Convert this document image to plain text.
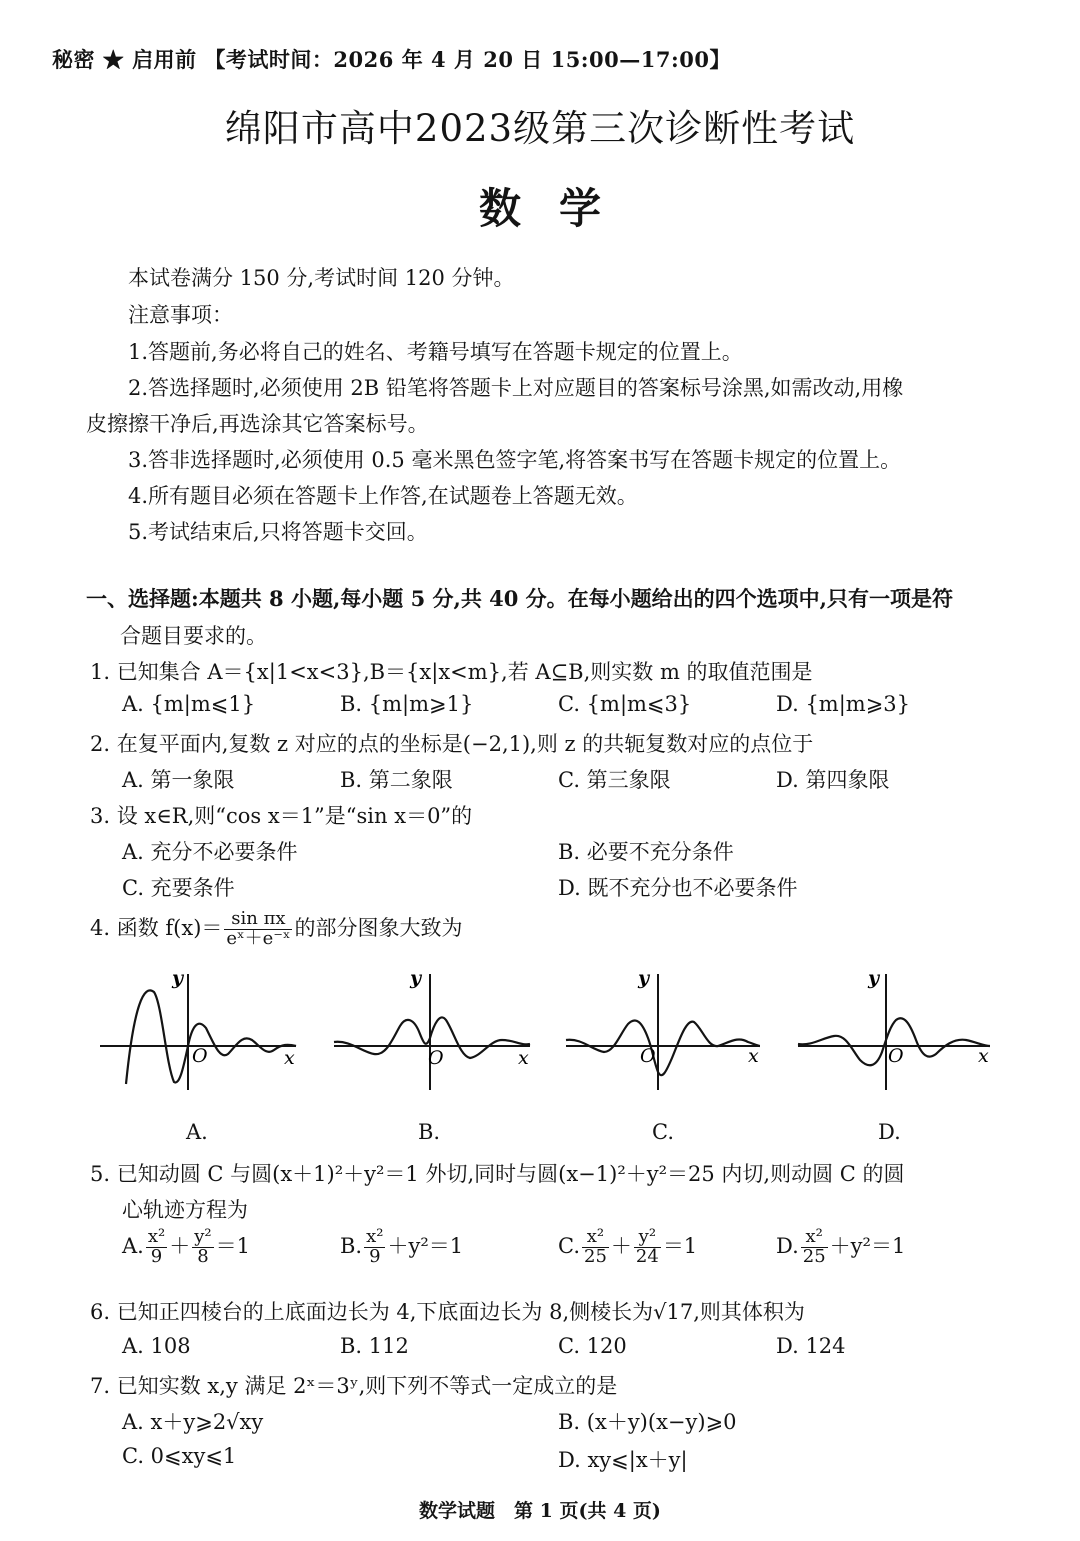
秘密 ★ 启用前 【考试时间：2026 年 4 月 20 日 15:00—17:00】
绵阳市高中2023级第三次诊断性考试
数学
本试卷满分 150 分,考试时间 120 分钟。
注意事项：
1.答题前,务必将自己的姓名、考籍号填写在答题卡规定的位置上。
2.答选择题时,必须使用 2B 铅笔将答题卡上对应题目的答案标号涂黑,如需改动,用橡
皮擦擦干净后,再选涂其它答案标号。
3.答非选择题时,必须使用 0.5 毫米黑色签字笔,将答案书写在答题卡规定的位置上。
4.所有题目必须在答题卡上作答,在试题卷上答题无效。
5.考试结束后,只将答题卡交回。
一、选择题:本题共 8 小题,每小题 5 分,共 40 分。在每小题给出的四个选项中,只有一项是符
合题目要求的。
1. 已知集合 A＝{x|1<x<3},B＝{x|x<m},若 A⊆B,则实数 m 的取值范围是
A. {m|m⩽1}	B. {m|m⩾1}	C. {m|m⩽3}	D. {m|m⩾3}
2. 在复平面内,复数 z 对应的点的坐标是(−2,1),则 z 的共轭复数对应的点位于
A. 第一象限	B. 第二象限	C. 第三象限	D. 第四象限
3. 设 x∈R,则“cos x＝1”是“sin x＝0”的
A. 充分不必要条件	B. 必要不充分条件
C. 充要条件	D. 既不充分也不必要条件
4. 函数 $f(x)= \frac{\text{sin πx}}{\text{eˣ＋e⁻ˣ}}$ 的部分图象大致为
y
O	x
A.
y
O	x
B.
y
O	x
C.
y
O	x
D.
5. 已知动圆 C 与圆(x＋1)²＋y²＝1 外切,同时与圆(x−1)²＋y²＝25 内切,则动圆 C 的圆
心轨迹方程为
A. $\frac{\text{x²}}{9} + \frac{\text{y²}}{8} =1$	B. $\frac{\text{x²}}{9} +y^2=1$	C. $\frac{\text{x²}}{25} + \frac{\text{y²}}{24} =1$	D. $\frac{\text{x²}}{25} +y^2=1$
6. 已知正四棱台的上底面边长为 4,下底面边长为 8,侧棱长为√17,则其体积为
A. 108	B. 112	C. 120	D. 124
7. 已知实数 x,y 满足 2ˣ＝3ʸ,则下列不等式一定成立的是
A. x＋y⩾2√xy	B. (x＋y)(x−y)⩾0
C. 0⩽xy⩽1	D. xy⩽|x＋y|
数学试题　第 1 页(共 4 页)
